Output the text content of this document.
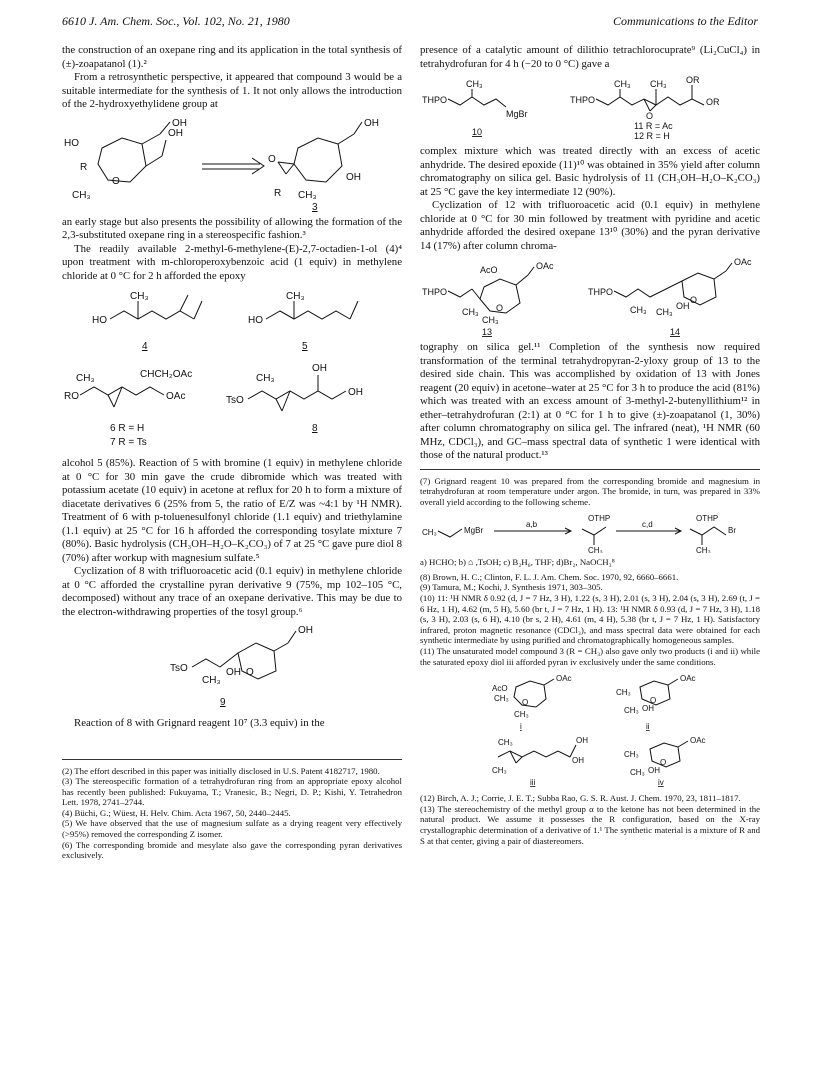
6610 J. Am. Chem. Soc., Vol. 102, No. 21, 1980	Communications to the Editor

the construction of an oxepane ring and its application in the total synthesis of (±)-zoapatanol (1).²

From a retrosynthetic perspective, it appeared that compound 3 would be a suitable intermediate for the synthesis of 1. It not only allows the introduction of the 2-hydroxyethylidene group at

OH
OH
HO
R
O
CH₃
OH
OH
O
R CH₃
3

an early stage but also presents the possibility of allowing the formation of the 2,3-substituted oxepane ring in a stereospecific fashion.³

The readily available 2-methyl-6-methylene-(E)-2,7-octadien-1-ol (4)⁴ upon treatment with m-chloroperoxybenzoic acid (1 equiv) in methylene chloride at 0 °C for 2 h afforded the epoxy

HO
CH₃
4
HO
CH₃
5
RO
CH₃	CHCH₂OAc
OAc
6 R = H
7 R = Ts
TsO
CH₃
OH
OH
8

alcohol 5 (85%). Reaction of 5 with bromine (1 equiv) in methylene chloride at 0 °C for 30 min gave the crude dibromide which was treated with potassium acetate (10 equiv) in acetone at reflux for 20 h to form a mixture of diacetate derivatives 6 (25% from 5, the ratio of E/Z was ~4:1 by ¹H NMR). Treatment of 6 with p-toluenesulfonyl chloride (1.1 equiv) and triethylamine (1.1 equiv) at 25 °C for 16 h afforded the corresponding tosylate mixture 7 (80%). Basic hydrolysis (CH₃OH–H₂O–K₂CO₃) of 7 at 25 °C gave pure diol 8 (70%) after workup with magnesium sulfate.⁵

Cyclization of 8 with trifluoroacetic acid (0.1 equiv) in methylene chloride at 0 °C afforded the crystalline pyran derivative 9 (75%, mp 102–105 °C, decomposed) without any trace of an oxepane derivative. This may be due to the electron-withdrawing properties of the tosyl group.⁶

TsO
OH
O
CH₃
OH
9

Reaction of 8 with Grignard reagent 10⁷ (3.3 equiv) in the

(2) The effort described in this paper was initially disclosed in U.S. Patent 4182717, 1980.

(3) The stereospecific formation of a tetrahydrofuran ring from an appropriate epoxy alcohol has recently been published: Fukuyama, T.; Vranesic, B.; Negri, D. P.; Kishi, Y. Tetrahedron Lett. 1978, 2741–2744.

(4) Büchi, G.; Wüest, H. Helv. Chim. Acta 1967, 50, 2440–2445.

(5) We have observed that the use of magnesium sulfate as a drying reagent very effectively (>95%) removed the corresponding Z isomer.

(6) The corresponding bromide and mesylate also gave the corresponding pyran derivatives exclusively.

presence of a catalytic amount of dilithio tetrachlorocuprate⁹ (Li₂CuCl₄) in tetrahydrofuran for 4 h (−20 to 0 °C) gave a

THPO
CH₃
MgBr
10
THPO
CH₃ CH₃ OR
OR
O
11 R = Ac
12 R = H

complex mixture which was treated directly with an excess of acetic anhydride. The desired epoxide (11)¹⁰ was obtained in 35% yield after column chromatography on silica gel. Basic hydrolysis of 11 (CH₃OH–H₂O–K₂CO₃) at 25 °C gave the key intermediate 12 (90%).

Cyclization of 12 with trifluoroacetic acid (0.1 equiv) in methylene chloride at 0 °C for 30 min followed by treatment with pyridine and acetic anhydride afforded the desired oxepane 13¹⁰ (30%) and the pyran derivative 14 (17%) after column chroma-

THPO
OAc
AcO
O
CH₃
CH₃
13
THPO
OAc
O
CH₃ CH₃
OH
14

tography on silica gel.¹¹ Completion of the synthesis now required transformation of the terminal tetrahydropyran-2-yloxy group of 13 to the desired side chain. This was accomplished by oxidation of 13 with Jones reagent (20 equiv) in acetone–water at 25 °C for 3 h to produce the acid (81%) which was treated with an excess amount of 3-methyl-2-butenyllithium¹² in ether–tetrahydrofuran (2:1) at 0 °C for 1 h to give (±)-zoapatanol (1, 30%) after column chromatography on silica gel. The infrared (neat), ¹H NMR (60 MHz, CDCl₃), and GC–mass spectral data of synthetic 1 were identical with those of the natural product.¹³

(7) Grignard reagent 10 was prepared from the corresponding bromide and magnesium in tetrahydrofuran at room temperature under argon. The bromide, in turn, was prepared in 33% overall yield according to the following scheme.

CH₃	MgBr
a,b
OTHP
CH₃
c,d
OTHP
Br
CH₃

a) HCHO; b) ⌂ ,TsOH; c) B₂H₆, THF; d)Br₂, NaOCH₃⁸

(8) Brown, H. C.; Clinton, F. L. J. Am. Chem. Soc. 1970, 92, 6660–6661.

(9) Tamura, M.; Kochi, J. Synthesis 1971, 303–305.

(10) 11: ¹H NMR δ 0.92 (d, J = 7 Hz, 3 H), 1.22 (s, 3 H), 2.01 (s, 3 H), 2.04 (s, 3 H), 2.69 (t, J = 6 Hz, 1 H), 4.62 (m, 5 H), 5.60 (br t, J = 7 Hz, 1 H). 13: ¹H NMR δ 0.93 (d, J = 7 Hz, 3 H), 1.18 (s, 3 H), 2.03 (s, 6 H), 4.10 (br s, 2 H), 4.61 (m, 4 H), 5.38 (br t, J = 7 Hz, 1 H). Satisfactory infrared, proton magnetic resonance (CDCl₃), and mass spectral data were obtained for each synthetic intermediate by using purified and chromatographically homogeneous samples.

(11) The unsaturated model compound 3 (R = CH₃) also gave only two products (i and ii) while the saturated epoxy diol iii afforded pyran iv exclusively under the same conditions.

OAc
AcO
CH₃ O
CH₃
i
OAc
CH₃
O
CH₃ OH
ii
CH₃	OH
OH
CH₃
iii
OAc
CH₃
O
CH₃ OH
iv

(12) Birch, A. J.; Corrie, J. E. T.; Subba Rao, G. S. R. Aust. J. Chem. 1970, 23, 1811–1817.

(13) The stereochemistry of the methyl group α to the ketone has not been determined in the natural product. We assume it possesses the R configuration, based on the X-ray crystallographic determination of a derivative of 1.¹ The synthetic material is a mixture of R and S at that center, giving a pair of diastereomers.
